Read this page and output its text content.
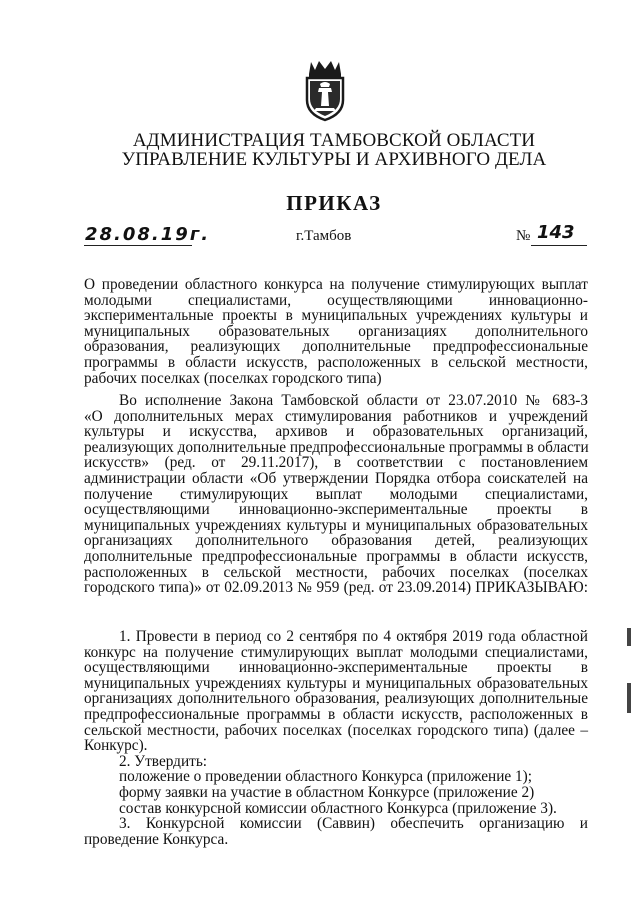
АДМИНИСТРАЦИЯ ТАМБОВСКОЙ ОБЛАСТИ
УПРАВЛЕНИЕ КУЛЬТУРЫ И АРХИВНОГО ДЕЛА
ПРИКАЗ
28.08.19г.	г.Тамбов	№ 143
О проведении областного конкурса на получение стимулирующих выплат
молодыми специалистами, осуществляющими инновационно-
экспериментальные проекты в муниципальных учреждениях культуры и
муниципальных образовательных организациях дополнительного
образования, реализующих дополнительные предпрофессиональные
программы в области искусств, расположенных в сельской местности,
рабочих поселках (поселках городского типа)
Во исполнение Закона Тамбовской области от 23.07.2010 № 683-З
«О дополнительных мерах стимулирования работников и учреждений
культуры и искусства, архивов и образовательных организаций,
реализующих дополнительные предпрофессиональные программы в области
искусств» (ред. от 29.11.2017), в соответствии с постановлением
администрации области «Об утверждении Порядка отбора соискателей на
получение стимулирующих выплат молодыми специалистами,
осуществляющими инновационно-экспериментальные проекты в
муниципальных учреждениях культуры и муниципальных образовательных
организациях дополнительного образования детей, реализующих
дополнительные предпрофессиональные программы в области искусств,
расположенных в сельской местности, рабочих поселках (поселках
городского типа)» от 02.09.2013 № 959 (ред. от 23.09.2014) ПРИКАЗЫВАЮ:
1. Провести в период со 2 сентября по 4 октября 2019 года областной
конкурс на получение стимулирующих выплат молодыми специалистами,
осуществляющими инновационно-экспериментальные проекты в
муниципальных учреждениях культуры и муниципальных образовательных
организациях дополнительного образования, реализующих дополнительные
предпрофессиональные программы в области искусств, расположенных в
сельской местности, рабочих поселках (поселках городского типа) (далее –
Конкурс).
2. Утвердить:
положение о проведении областного Конкурса (приложение 1);
форму заявки на участие в областном Конкурсе (приложение 2)
состав конкурсной комиссии областного Конкурса (приложение 3).
3. Конкурсной комиссии (Саввин) обеспечить организацию и
проведение Конкурса.
